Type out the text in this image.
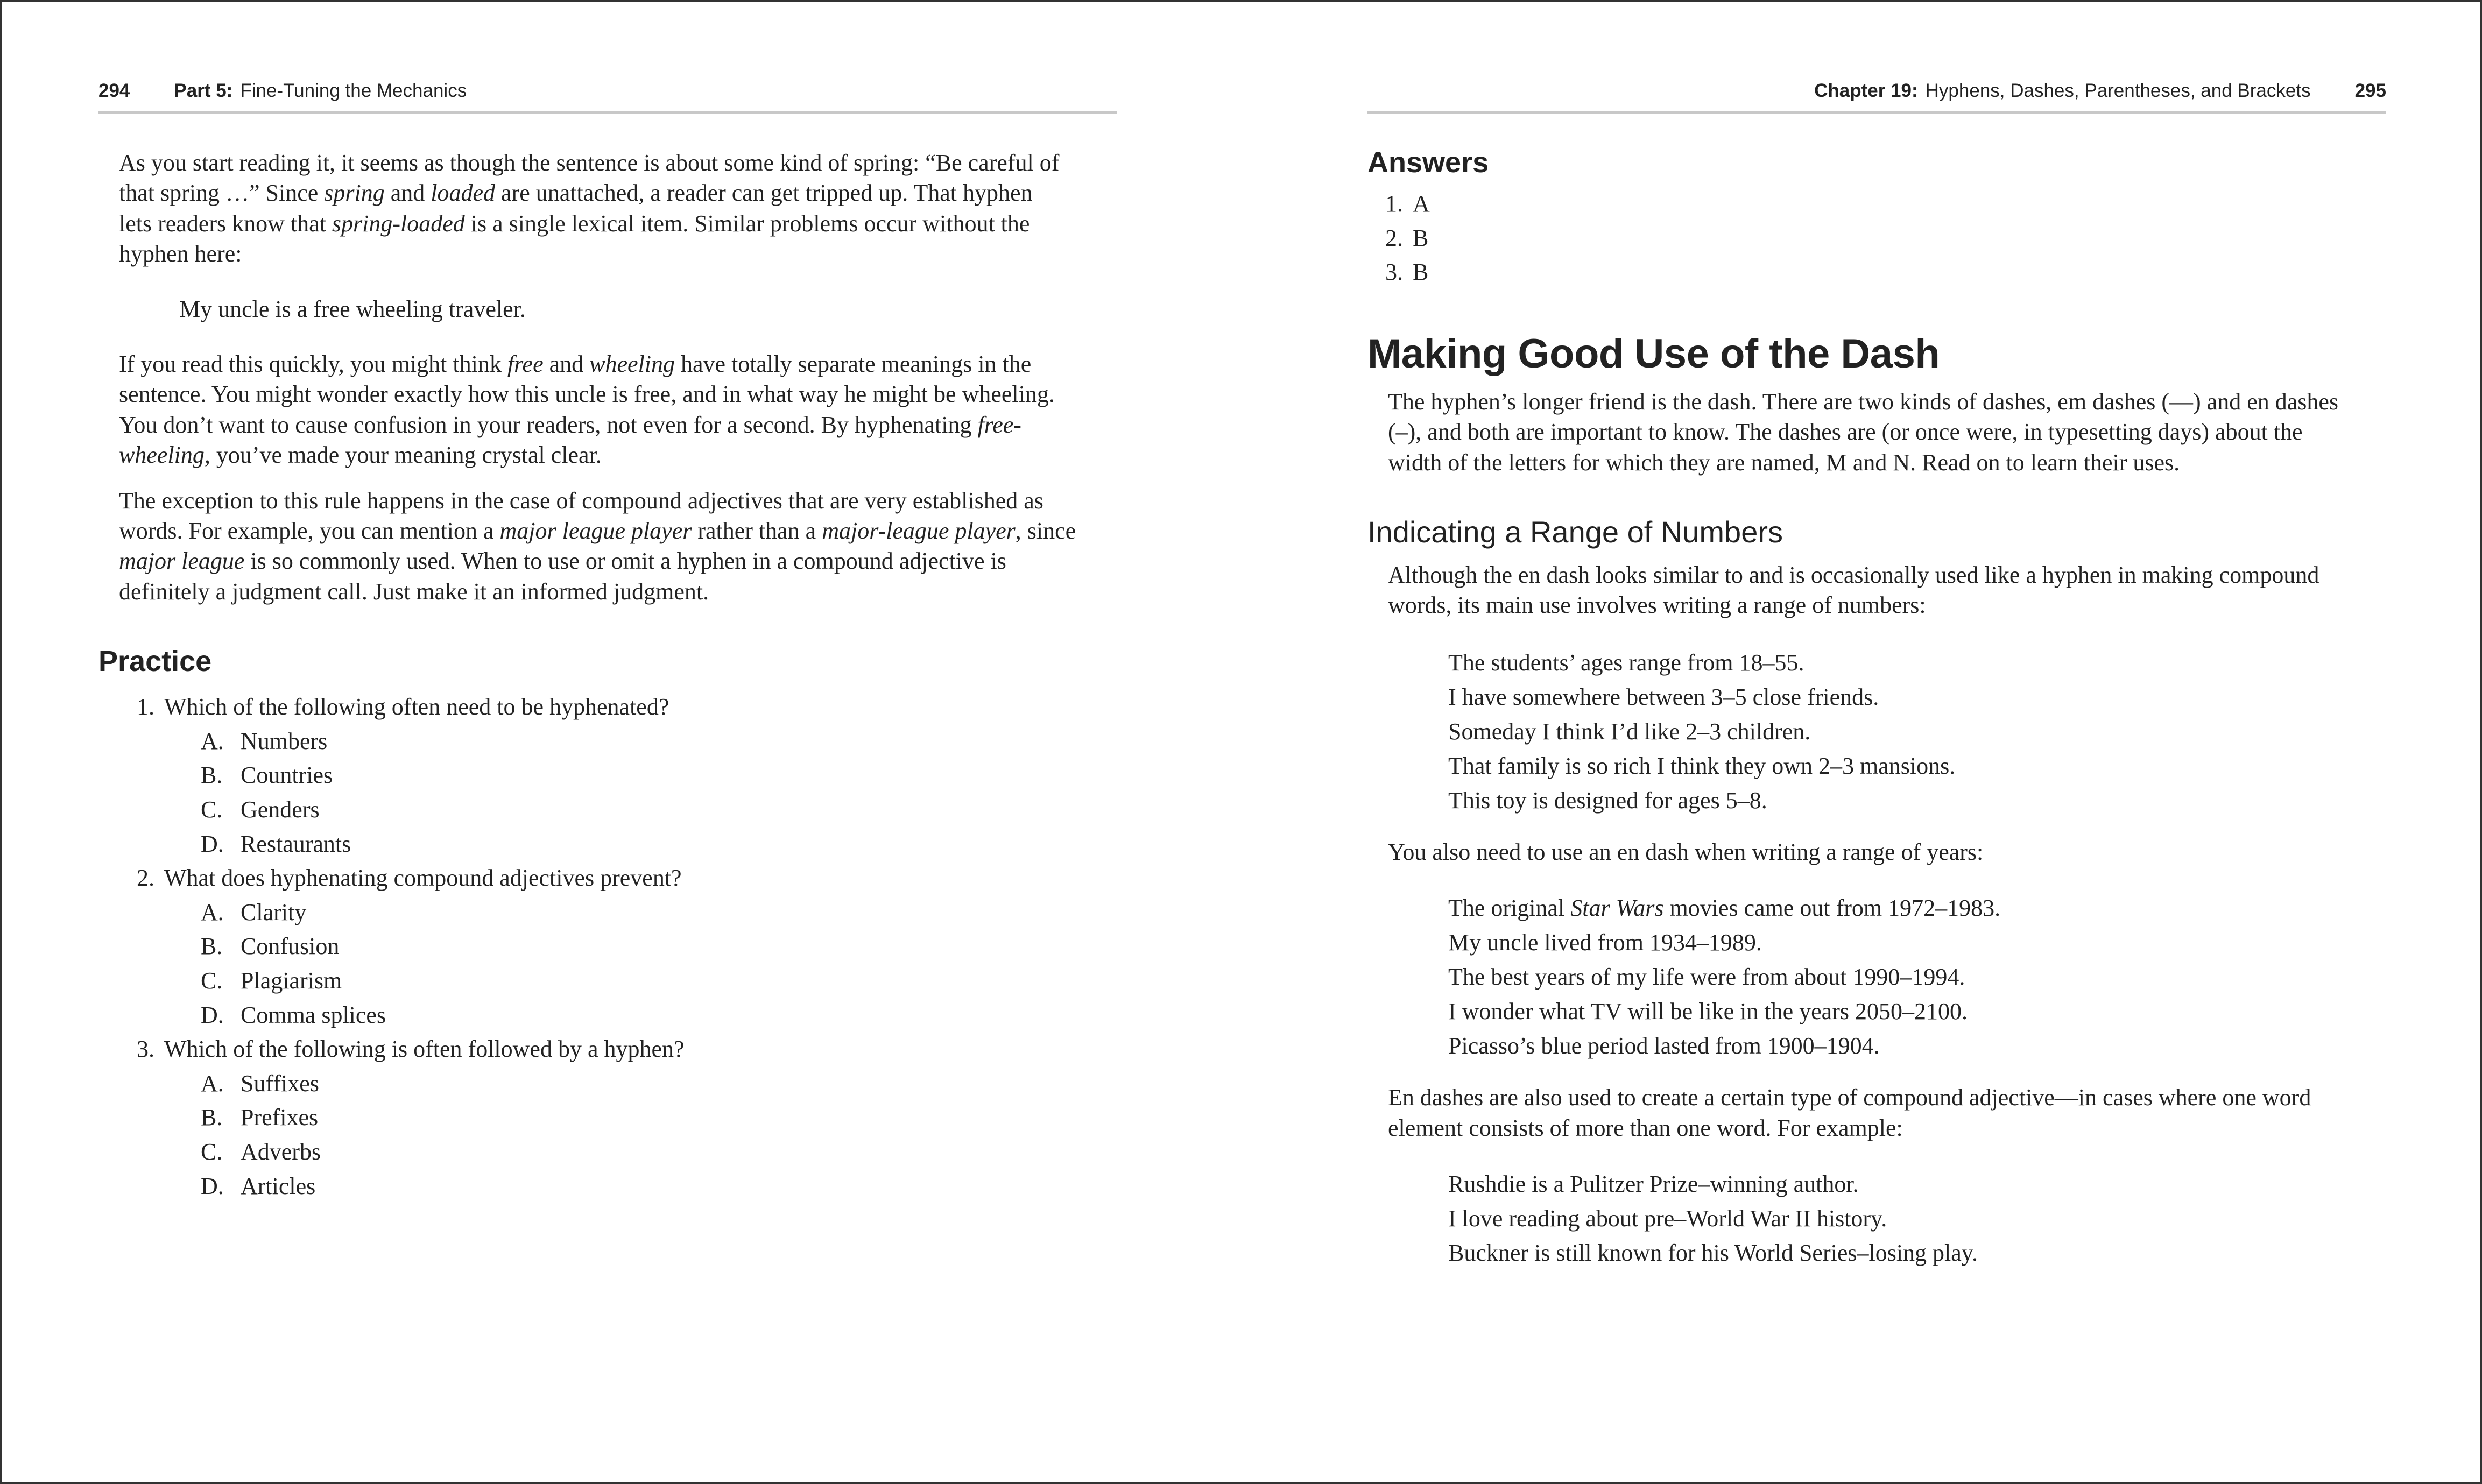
294 Part 5: Fine-Tuning the Mechanics

As you start reading it, it seems as though the sentence is about some kind of spring: “Be careful of

that spring …” Since spring and loaded are unattached, a reader can get tripped up. That hyphen

lets readers know that spring-loaded is a single lexical item. Similar problems occur without the

hyphen here:

My uncle is a free wheeling traveler.

If you read this quickly, you might think free and wheeling have totally separate meanings in the

sentence. You might wonder exactly how this uncle is free, and in what way he might be wheeling.

You don’t want to cause confusion in your readers, not even for a second. By hyphenating free-

wheeling, you’ve made your meaning crystal clear.

The exception to this rule happens in the case of compound adjectives that are very established as

words. For example, you can mention a major league player rather than a major-league player, since

major league is so commonly used. When to use or omit a hyphen in a compound adjective is

definitely a judgment call. Just make it an informed judgment.

Practice
1. Which of the following often need to be hyphenated?
A. Numbers
B. Countries
C. Genders
D. Restaurants
2. What does hyphenating compound adjectives prevent?
A. Clarity
B. Confusion
C. Plagiarism
D. Comma splices
3. Which of the following is often followed by a hyphen?
A. Suffixes
B. Prefixes
C. Adverbs
D. Articles
Chapter 19: Hyphens, Dashes, Parentheses, and Brackets 295
Answers
1. A
2. B
3. B
Making Good Use of the Dash

The hyphen’s longer friend is the dash. There are two kinds of dashes, em dashes (—) and en dashes

(–), and both are important to know. The dashes are (or once were, in typesetting days) about the

width of the letters for which they are named, M and N. Read on to learn their uses.

Indicating a Range of Numbers

Although the en dash looks similar to and is occasionally used like a hyphen in making compound

words, its main use involves writing a range of numbers:

The students’ ages range from 18–55.

I have somewhere between 3–5 close friends.

Someday I think I’d like 2–3 children.

That family is so rich I think they own 2–3 mansions.

This toy is designed for ages 5–8.

You also need to use an en dash when writing a range of years:

The original Star Wars movies came out from 1972–1983.

My uncle lived from 1934–1989.

The best years of my life were from about 1990–1994.

I wonder what TV will be like in the years 2050–2100.

Picasso’s blue period lasted from 1900–1904.

En dashes are also used to create a certain type of compound adjective—in cases where one word

element consists of more than one word. For example:

Rushdie is a Pulitzer Prize–winning author.

I love reading about pre–World War II history.

Buckner is still known for his World Series–losing play.
